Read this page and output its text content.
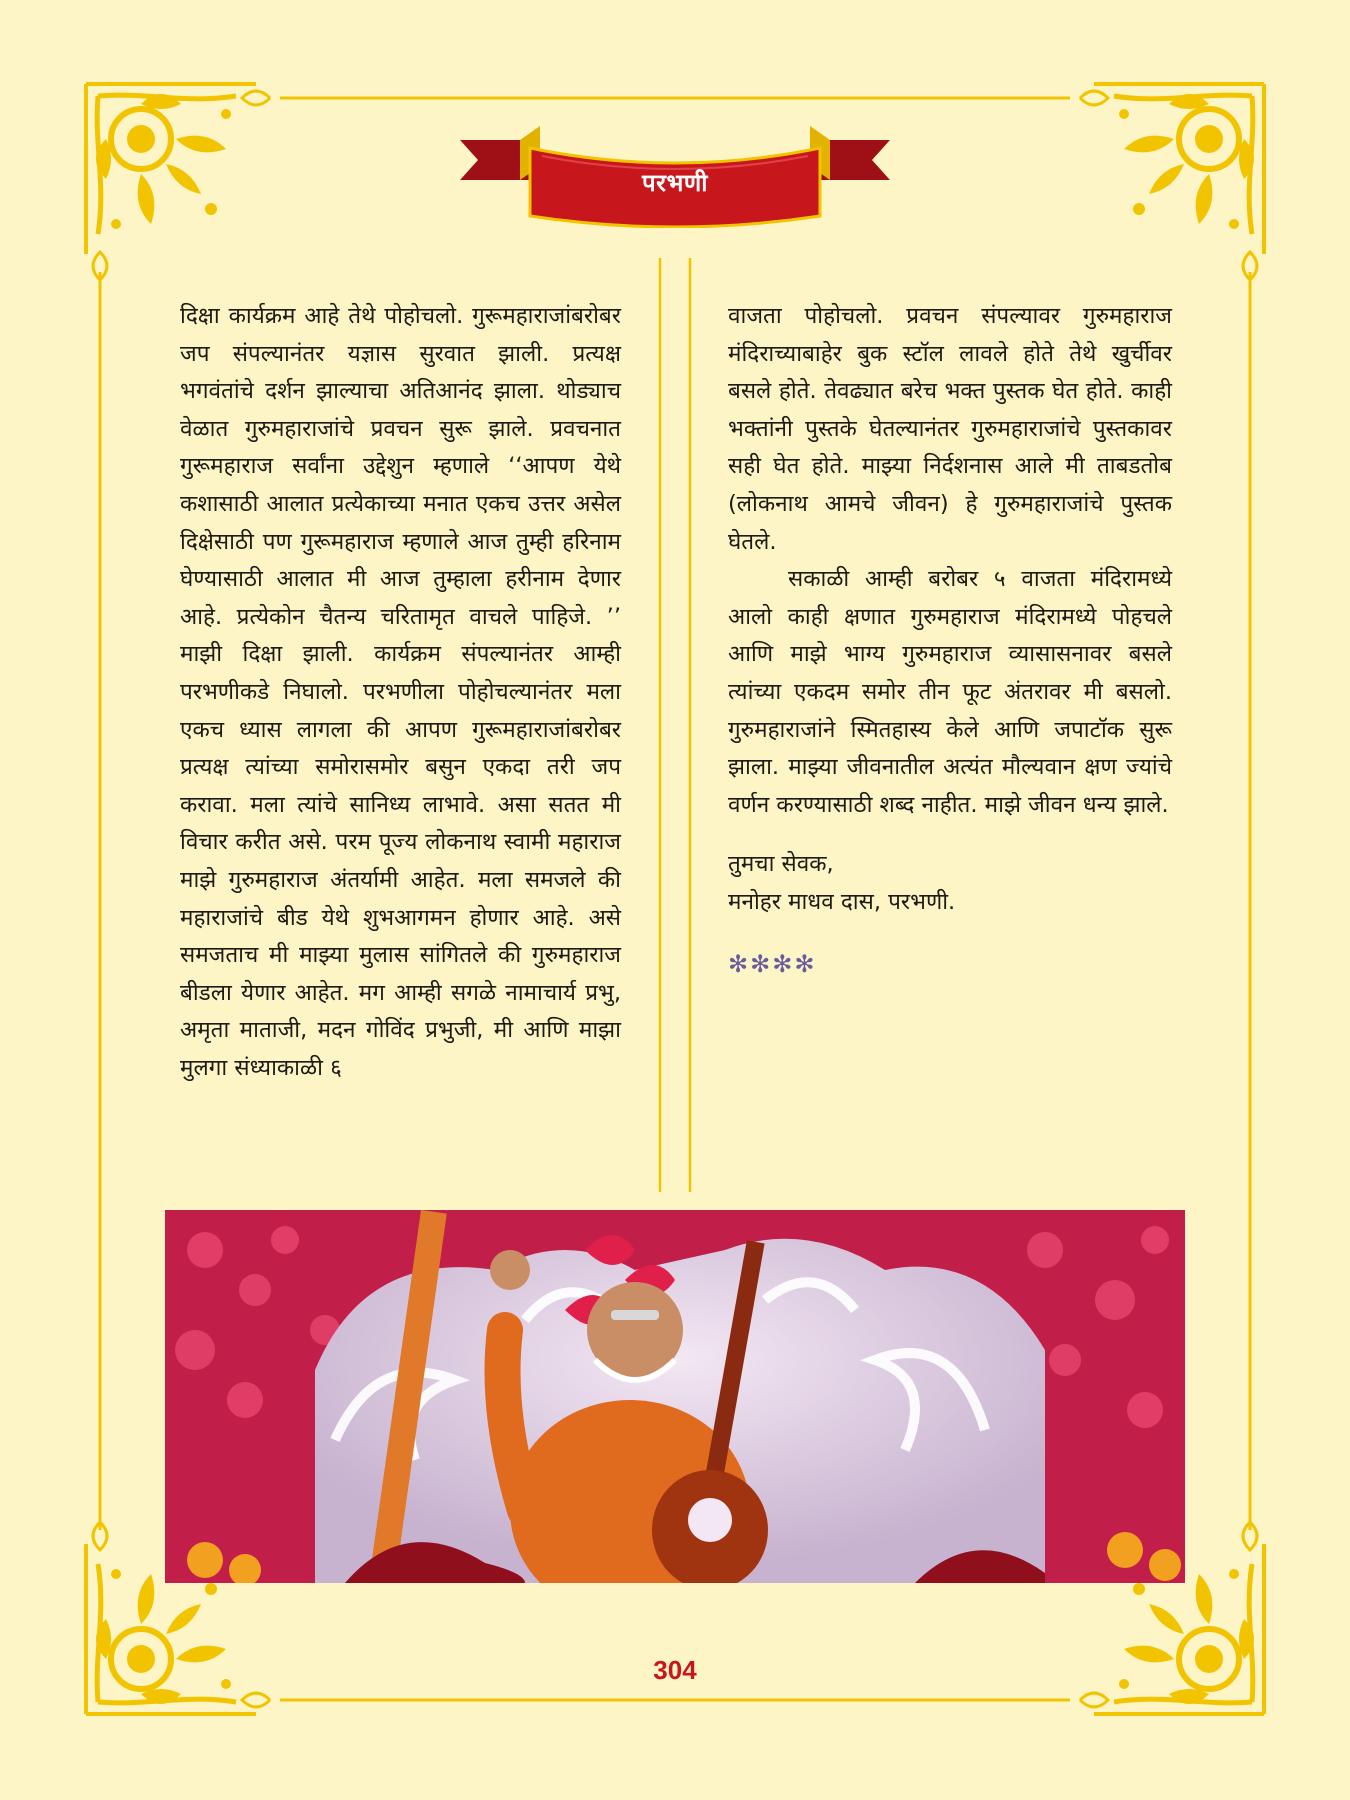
परभणी

दिक्षा कार्यक्रम आहे तेथे पोहोचलो. गुरूमहाराजांबरोबर जप संपल्यानंतर यज्ञास सुरवात झाली. प्रत्यक्ष भगवंतांचे दर्शन झाल्याचा अतिआनंद झाला. थोड्याच वेळात गुरुमहाराजांचे प्रवचन सुरू झाले. प्रवचनात गुरूमहाराज सर्वांना उद्देशुन म्हणाले ‘‘आपण येथे कशासाठी आलात प्रत्येकाच्या मनात एकच उत्तर असेल दिक्षेसाठी पण गुरूमहाराज म्हणाले आज तुम्ही हरिनाम घेण्यासाठी आलात मी आज तुम्हाला हरीनाम देणार आहे. प्रत्येकोन चैतन्य चरितामृत वाचले पाहिजे. ’’ माझी दिक्षा झाली. कार्यक्रम संपल्यानंतर आम्ही परभणीकडे निघालो. परभणीला पोहोचल्यानंतर मला एकच ध्यास लागला की आपण गुरूमहाराजांबरोबर प्रत्यक्ष त्यांच्या समोरासमोर बसुन एकदा तरी जप करावा. मला त्यांचे सानिध्य लाभावे. असा सतत मी विचार करीत असे. परम पूज्य लोकनाथ स्वामी महाराज माझे गुरुमहाराज अंतर्यामी आहेत. मला समजले की महाराजांचे बीड येथे शुभआगमन होणार आहे. असे समजताच मी माझ्या मुलास सांगितले की गुरुमहाराज बीडला येणार आहेत. मग आम्ही सगळे नामाचार्य प्रभु, अमृता माताजी, मदन गोविंद प्रभुजी, मी आणि माझा मुलगा संध्याकाळी ६

वाजता पोहोचलो. प्रवचन संपल्यावर गुरुमहाराज मंदिराच्याबाहेर बुक स्टॉल लावले होते तेथे खुर्चीवर बसले होते. तेवढ्यात बरेच भक्त पुस्तक घेत होते. काही भक्तांनी पुस्तके घेतल्यानंतर गुरुमहाराजांचे पुस्तकावर सही घेत होते. माझ्या निर्दशनास आले मी ताबडतोब (लोकनाथ आमचे जीवन) हे गुरुमहाराजांचे पुस्तक घेतले.

सकाळी आम्ही बरोबर ५ वाजता मंदिरामध्ये आलो काही क्षणात गुरुमहाराज मंदिरामध्ये पोहचले आणि माझे भाग्य गुरुमहाराज व्यासासनावर बसले त्यांच्या एकदम समोर तीन फूट अंतरावर मी बसलो. गुरुमहाराजांने स्मितहास्य केले आणि जपाटॉक सुरू झाला. माझ्या जीवनातील अत्यंत मौल्यवान क्षण ज्यांचे वर्णन करण्यासाठी शब्द नाहीत. माझे जीवन धन्य झाले.

तुमचा सेवक,

मनोहर माधव दास, परभणी.

✻✻✻✻

304
